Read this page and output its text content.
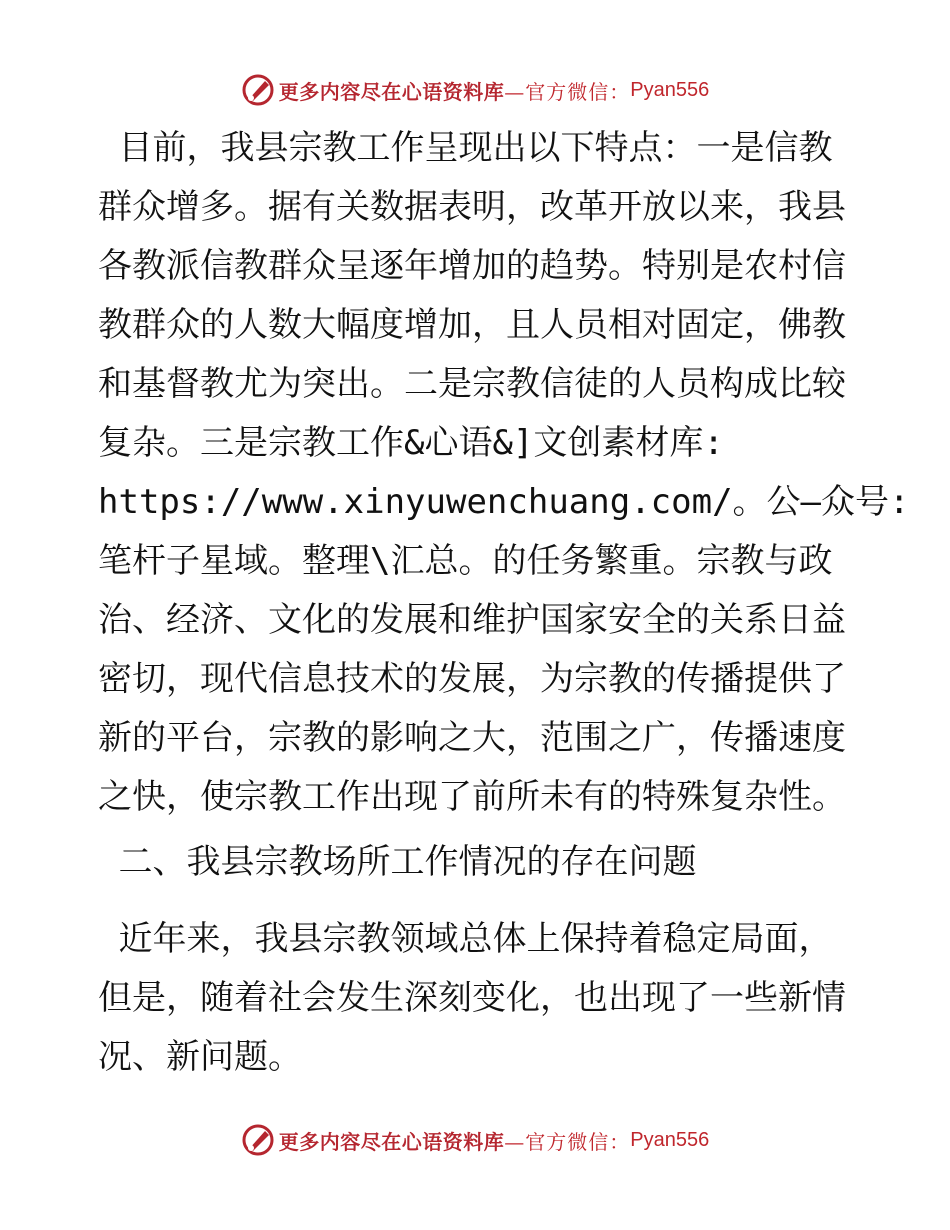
更多内容尽在心语资料库 —官方微信： Pyan556
目前，我县宗教工作呈现出以下特点：一是信教
群众增多。据有关数据表明，改革开放以来，我县
各教派信教群众呈逐年增加的趋势。特别是农村信
教群众的人数大幅度增加，且人员相对固定，佛教
和基督教尤为突出。二是宗教信徒的人员构成比较
复杂。三是宗教工作&心语&]文创素材库:
https://www.xinyuwenchuang.com/。公—众号:
笔杆子星域。整理\汇总。的任务繁重。宗教与政
治、经济、文化的发展和维护国家安全的关系日益
密切，现代信息技术的发展，为宗教的传播提供了
新的平台，宗教的影响之大，范围之广，传播速度
之快，使宗教工作出现了前所未有的特殊复杂性。
二、我县宗教场所工作情况的存在问题
近年来，我县宗教领域总体上保持着稳定局面，
但是，随着社会发生深刻变化，也出现了一些新情
况、新问题。
更多内容尽在心语资料库 —官方微信： Pyan556
